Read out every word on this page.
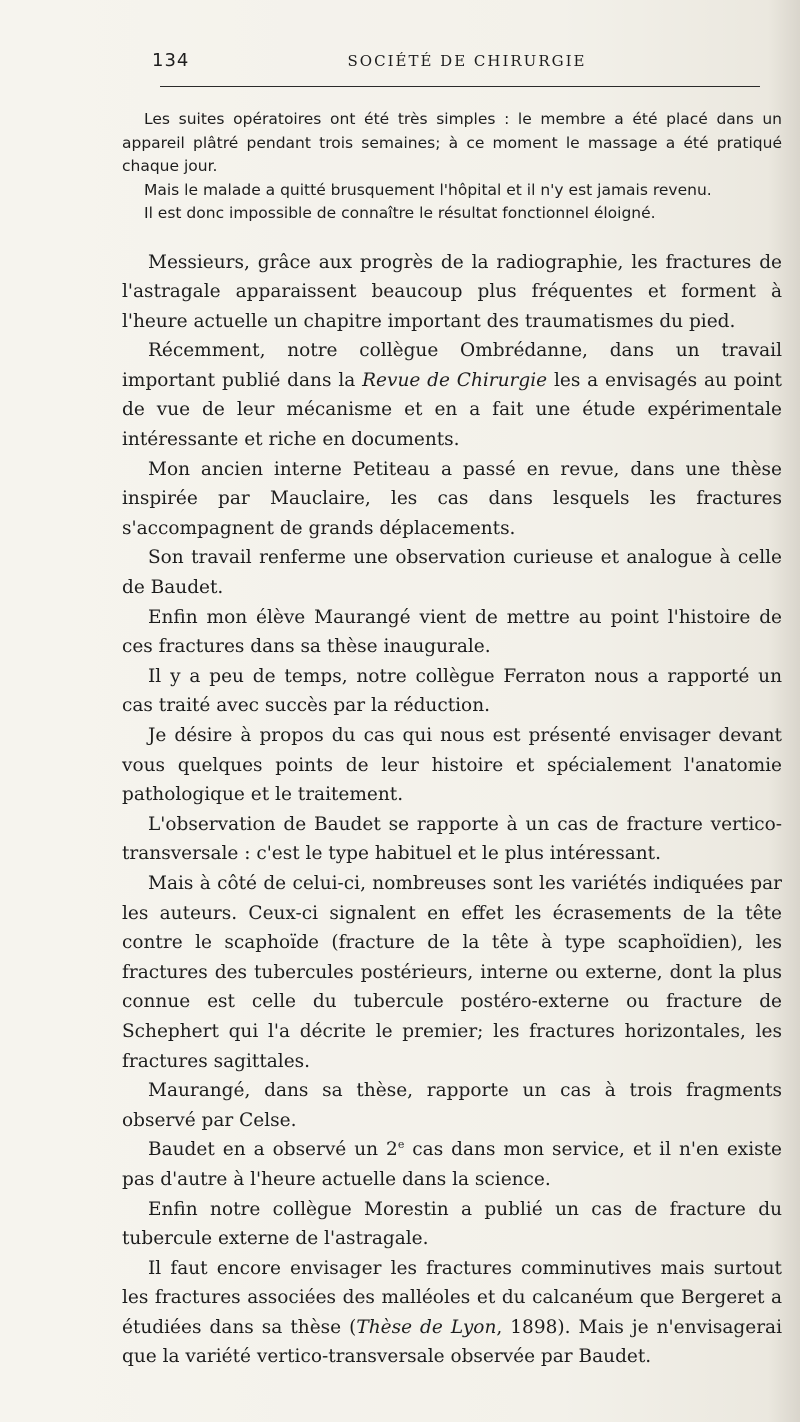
134	SOCIÉTÉ DE CHIRURGIE

Les suites opératoires ont été très simples : le membre a été placé dans un appareil plâtré pendant trois semaines; à ce moment le massage a été pratiqué chaque jour.

Mais le malade a quitté brusquement l'hôpital et il n'y est jamais revenu.

Il est donc impossible de connaître le résultat fonctionnel éloigné.

Messieurs, grâce aux progrès de la radiographie, les fractures de l'astragale apparaissent beaucoup plus fréquentes et forment à l'heure actuelle un chapitre important des traumatismes du pied.

Récemment, notre collègue Ombrédanne, dans un travail important publié dans la Revue de Chirurgie les a envisagés au point de vue de leur mécanisme et en a fait une étude expérimentale intéressante et riche en documents.

Mon ancien interne Petiteau a passé en revue, dans une thèse inspirée par Mauclaire, les cas dans lesquels les fractures s'accompagnent de grands déplacements.

Son travail renferme une observation curieuse et analogue à celle de Baudet.

Enfin mon élève Maurangé vient de mettre au point l'histoire de ces fractures dans sa thèse inaugurale.

Il y a peu de temps, notre collègue Ferraton nous a rapporté un cas traité avec succès par la réduction.

Je désire à propos du cas qui nous est présenté envisager devant vous quelques points de leur histoire et spécialement l'anatomie pathologique et le traitement.

L'observation de Baudet se rapporte à un cas de fracture vertico-transversale : c'est le type habituel et le plus intéressant.

Mais à côté de celui-ci, nombreuses sont les variétés indiquées par les auteurs. Ceux-ci signalent en effet les écrasements de la tête contre le scaphoïde (fracture de la tête à type scaphoïdien), les fractures des tubercules postérieurs, interne ou externe, dont la plus connue est celle du tubercule postéro-externe ou fracture de Schephert qui l'a décrite le premier; les fractures horizontales, les fractures sagittales.

Maurangé, dans sa thèse, rapporte un cas à trois fragments observé par Celse.

Baudet en a observé un 2e cas dans mon service, et il n'en existe pas d'autre à l'heure actuelle dans la science.

Enfin notre collègue Morestin a publié un cas de fracture du tubercule externe de l'astragale.

Il faut encore envisager les fractures comminutives mais surtout les fractures associées des malléoles et du calcanéum que Bergeret a étudiées dans sa thèse (Thèse de Lyon, 1898). Mais je n'envisagerai que la variété vertico-transversale observée par Baudet.
